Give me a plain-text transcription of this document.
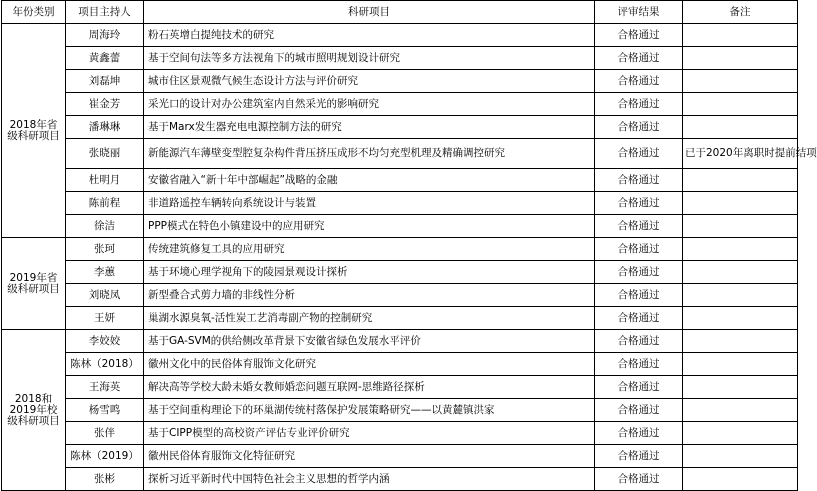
年份类别	项目主持人	科研项目	评审结果	备注
2018年省级科研项目	周海玲	粉石英增白提纯技术的研究	合格通过	
	黄鑫蕾	基于空间句法等多方法视角下的城市照明规划设计研究	合格通过	
	刘磊坤	城市住区景观微气候生态设计方法与评价研究	合格通过	
	崔金芳	采光口的设计对办公建筑室内自然采光的影响研究	合格通过	
	潘琳琳	基于Marx发生器充电电源控制方法的研究	合格通过	
	张晓丽	新能源汽车薄壁变型腔复杂构件背压挤压成形不均匀充型机理及精确调控研究	合格通过	已于2020年离职时提前结项
	杜明月	安徽省融入“新十年中部崛起”战略的金融	合格通过	
	陈前程	非道路遥控车辆转向系统设计与装置	合格通过	
	徐洁	PPP模式在特色小镇建设中的应用研究	合格通过	
2019年省级科研项目	张珂	传统建筑修复工具的应用研究	合格通过	
	李蕙	基于环境心理学视角下的陵园景观设计探析	合格通过	
	刘晓凤	新型叠合式剪力墙的非线性分析	合格通过	
	王妍	巢湖水源臭氧-活性炭工艺消毒副产物的控制研究	合格通过	
2018和2019年校级科研项目	李姣姣	基于GA-SVM的供给侧改革背景下安徽省绿色发展水平评价	合格通过	
	陈林（2018）	徽州文化中的民俗体育服饰文化研究	合格通过	
	王海英	解决高等学校大龄未婚女教师婚恋问题互联网-思维路径探析	合格通过	
	杨雪鸣	基于空间重构理论下的环巢湖传统村落保护发展策略研究——以黄麓镇洪家	合格通过	
	张伴	基于CIPP模型的高校资产评估专业评价研究	合格通过	
	陈林（2019）	徽州民俗体育服饰文化特征研究	合格通过	
	张彬	探析习近平新时代中国特色社会主义思想的哲学内涵	合格通过	
